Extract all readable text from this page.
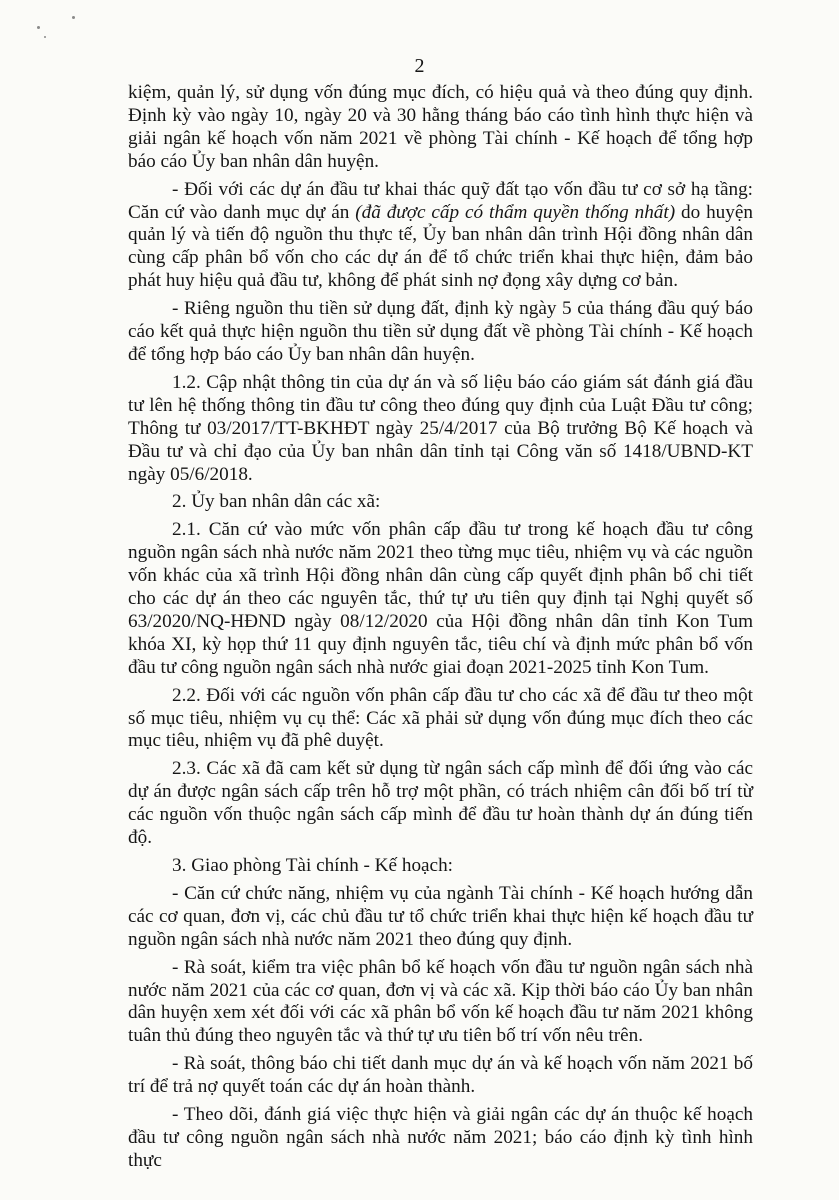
2

kiệm, quản lý, sử dụng vốn đúng mục đích, có hiệu quả và theo đúng quy định. Định kỳ vào ngày 10, ngày 20 và 30 hằng tháng báo cáo tình hình thực hiện và giải ngân kế hoạch vốn năm 2021 về phòng Tài chính - Kế hoạch để tổng hợp báo cáo Ủy ban nhân dân huyện.

- Đối với các dự án đầu tư khai thác quỹ đất tạo vốn đầu tư cơ sở hạ tầng: Căn cứ vào danh mục dự án (đã được cấp có thẩm quyền thống nhất) do huyện quản lý và tiến độ nguồn thu thực tế, Ủy ban nhân dân trình Hội đồng nhân dân cùng cấp phân bổ vốn cho các dự án để tổ chức triển khai thực hiện, đảm bảo phát huy hiệu quả đầu tư, không để phát sinh nợ đọng xây dựng cơ bản.

- Riêng nguồn thu tiền sử dụng đất, định kỳ ngày 5 của tháng đầu quý báo cáo kết quả thực hiện nguồn thu tiền sử dụng đất về phòng Tài chính - Kế hoạch để tổng hợp báo cáo Ủy ban nhân dân huyện.

1.2. Cập nhật thông tin của dự án và số liệu báo cáo giám sát đánh giá đầu tư lên hệ thống thông tin đầu tư công theo đúng quy định của Luật Đầu tư công; Thông tư 03/2017/TT-BKHĐT ngày 25/4/2017 của Bộ trưởng Bộ Kế hoạch và Đầu tư và chỉ đạo của Ủy ban nhân dân tỉnh tại Công văn số 1418/UBND-KT ngày 05/6/2018.

2. Ủy ban nhân dân các xã:

2.1. Căn cứ vào mức vốn phân cấp đầu tư trong kế hoạch đầu tư công nguồn ngân sách nhà nước năm 2021 theo từng mục tiêu, nhiệm vụ và các nguồn vốn khác của xã trình Hội đồng nhân dân cùng cấp quyết định phân bổ chi tiết cho các dự án theo các nguyên tắc, thứ tự ưu tiên quy định tại Nghị quyết số 63/2020/NQ-HĐND ngày 08/12/2020 của Hội đồng nhân dân tỉnh Kon Tum khóa XI, kỳ họp thứ 11 quy định nguyên tắc, tiêu chí và định mức phân bổ vốn đầu tư công nguồn ngân sách nhà nước giai đoạn 2021-2025 tỉnh Kon Tum.

2.2. Đối với các nguồn vốn phân cấp đầu tư cho các xã để đầu tư theo một số mục tiêu, nhiệm vụ cụ thể: Các xã phải sử dụng vốn đúng mục đích theo các mục tiêu, nhiệm vụ đã phê duyệt.

2.3. Các xã đã cam kết sử dụng từ ngân sách cấp mình để đối ứng vào các dự án được ngân sách cấp trên hỗ trợ một phần, có trách nhiệm cân đối bố trí từ các nguồn vốn thuộc ngân sách cấp mình để đầu tư hoàn thành dự án đúng tiến độ.

3. Giao phòng Tài chính - Kế hoạch:

- Căn cứ chức năng, nhiệm vụ của ngành Tài chính - Kế hoạch hướng dẫn các cơ quan, đơn vị, các chủ đầu tư tổ chức triển khai thực hiện kế hoạch đầu tư nguồn ngân sách nhà nước năm 2021 theo đúng quy định.

- Rà soát, kiểm tra việc phân bổ kế hoạch vốn đầu tư nguồn ngân sách nhà nước năm 2021 của các cơ quan, đơn vị và các xã. Kịp thời báo cáo Ủy ban nhân dân huyện xem xét đối với các xã phân bổ vốn kế hoạch đầu tư năm 2021 không tuân thủ đúng theo nguyên tắc và thứ tự ưu tiên bố trí vốn nêu trên.

- Rà soát, thông báo chi tiết danh mục dự án và kế hoạch vốn năm 2021 bố trí để trả nợ quyết toán các dự án hoàn thành.

- Theo dõi, đánh giá việc thực hiện và giải ngân các dự án thuộc kế hoạch đầu tư công nguồn ngân sách nhà nước năm 2021; báo cáo định kỳ tình hình thực
